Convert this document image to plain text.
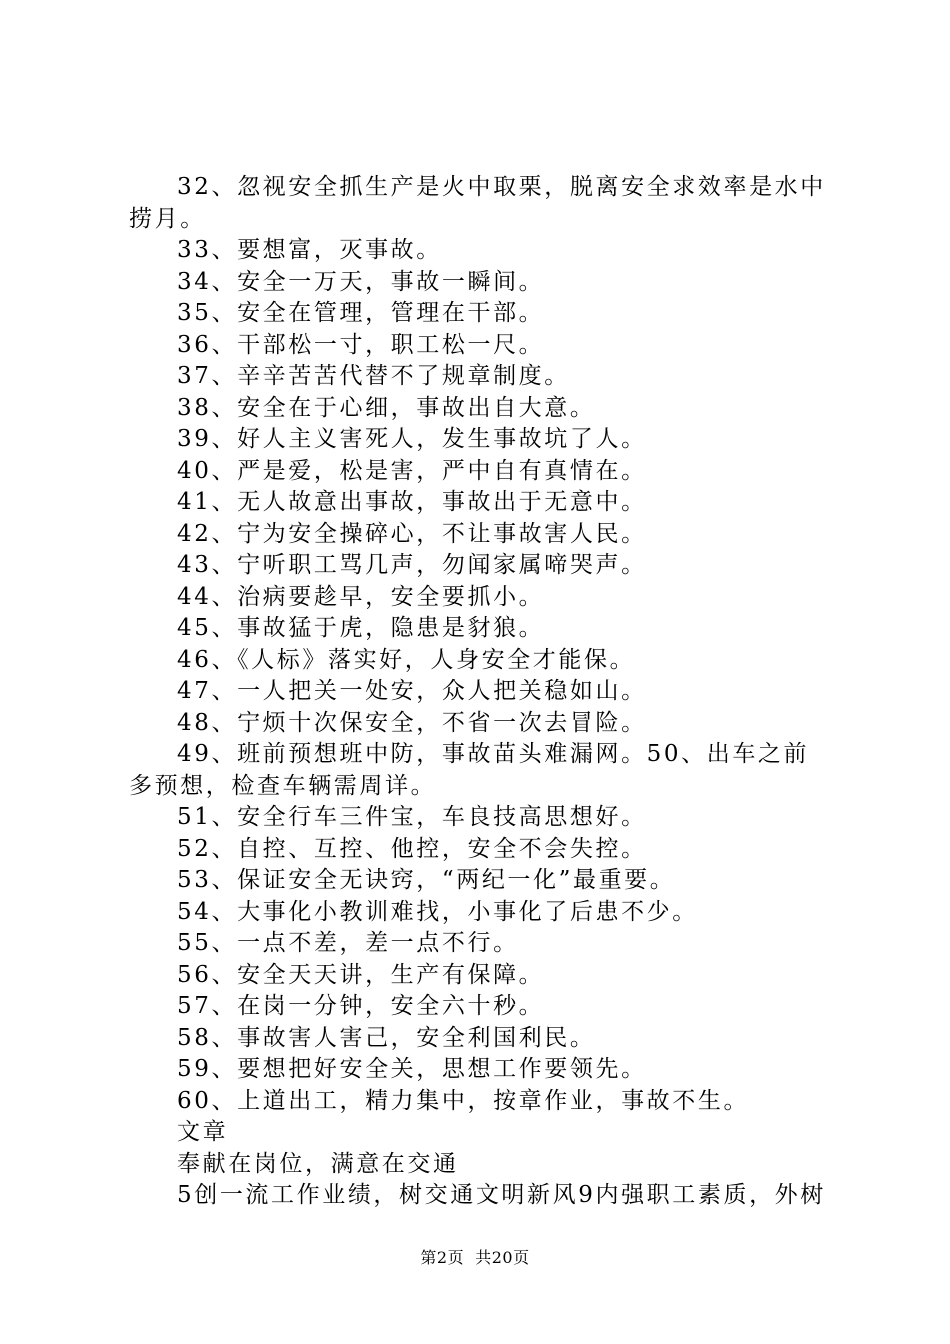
32、忽视安全抓生产是火中取栗，脱离安全求效率是水中捞月。

33、要想富，灭事故。

34、安全一万天，事故一瞬间。

35、安全在管理，管理在干部。

36、干部松一寸，职工松一尺。

37、辛辛苦苦代替不了规章制度。

38、安全在于心细，事故出自大意。

39、好人主义害死人，发生事故坑了人。

40、严是爱，松是害，严中自有真情在。

41、无人故意出事故，事故出于无意中。

42、宁为安全操碎心，不让事故害人民。

43、宁听职工骂几声，勿闻家属啼哭声。

44、治病要趁早，安全要抓小。

45、事故猛于虎，隐患是豺狼。

46、《人标》落实好，人身安全才能保。

47、一人把关一处安，众人把关稳如山。

48、宁烦十次保安全，不省一次去冒险。

49、班前预想班中防，事故苗头难漏网。50、出车之前多预想，检查车辆需周详。

51、安全行车三件宝，车良技高思想好。

52、自控、互控、他控，安全不会失控。

53、保证安全无诀窍，“两纪一化”最重要。

54、大事化小教训难找，小事化了后患不少。

55、一点不差，差一点不行。

56、安全天天讲，生产有保障。

57、在岗一分钟，安全六十秒。

58、事故害人害己，安全利国利民。

59、要想把好安全关，思想工作要领先。

60、上道出工，精力集中，按章作业，事故不生。

文章

奉献在岗位，满意在交通

5创一流工作业绩，树交通文明新风9内强职工素质，外树

第2页  共20页
